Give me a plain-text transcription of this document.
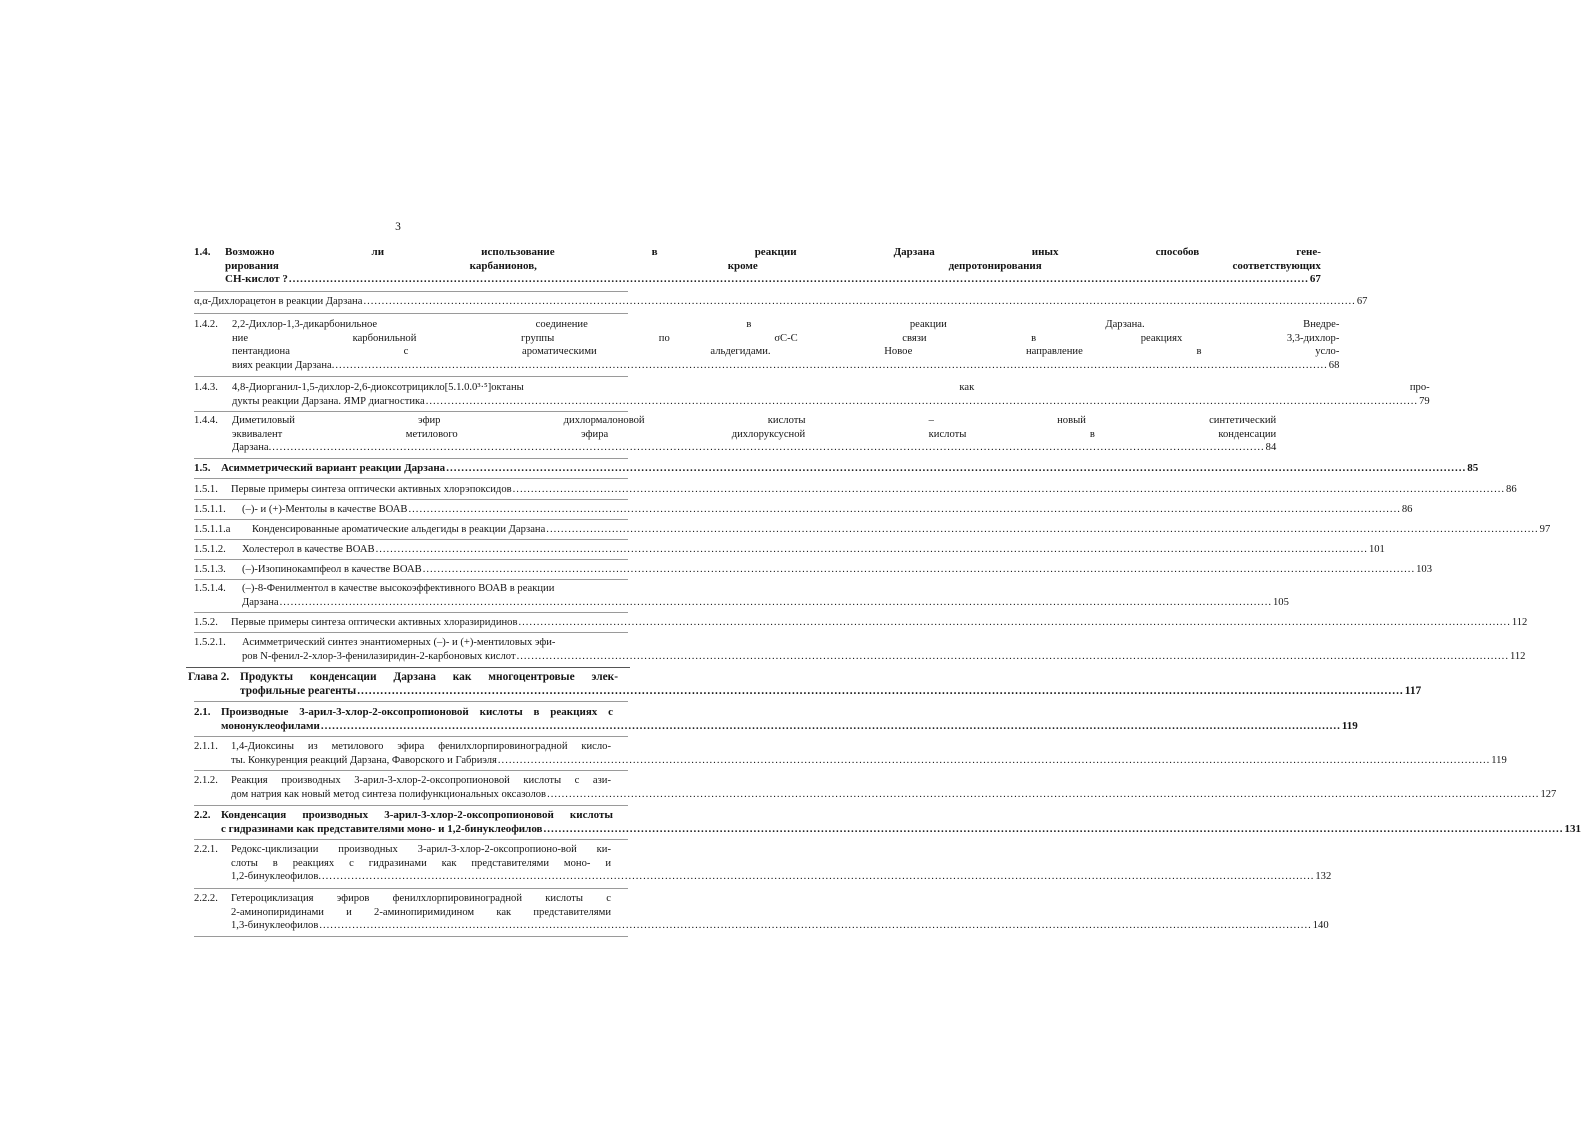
3
1.4.	Возможно ли использование в реакции Дарзана иных способов гене-
рирования карбанионов, кроме депротонирования соответствующих
СН-кислот ? .....	67
α,α-Дихлорацетон в реакции Дарзана .....	67
1.4.2.	2,2-Дихлор-1,3-дикарбонильное соединение в реакции Дарзана. Внедре-
ние карбонильной группы по σC-C связи в реакциях 3,3-дихлор-
пентандиона с ароматическими альдегидами. Новое направление в усло-
виях реакции Дарзана. .....	68
1.4.3.	4,8-Диорганил-1,5-дихлор-2,6-диоксотрицикло[5.1.0.0³·⁵]октаны как про-
дукты реакции Дарзана. ЯМР диагностика .....	79
1.4.4.	Диметиловый эфир дихлормалоновой кислоты – новый синтетический
эквивалент метилового эфира дихлоруксусной кислоты в конденсации
Дарзана. .....	84
1.5. Асимметрический вариант реакции Дарзана .....	85
1.5.1.	Первые примеры синтеза оптически активных хлорэпоксидов .....	86
1.5.1.1.	(–)- и (+)-Ментолы в качестве ВОАВ .....	86
1.5.1.1.а	Конденсированные ароматические альдегиды в реакции Дарзана .....	97
1.5.1.2.	Холестерол в качестве ВОАВ .....	101
1.5.1.3.	(–)-Изопинокампфеол в качестве ВОАВ .....	103
1.5.1.4.	(–)-8-Фенилментол в качестве высокоэффективного ВОАВ в реакции
Дарзана .....	105
1.5.2.	Первые примеры синтеза оптически активных хлоразиридинов .....	112
1.5.2.1.	Асимметрический синтез энантиомерных (–)- и (+)-ментиловых эфи-
ров N-фенил-2-хлор-3-фенилазиридин-2-карбоновых кислот .....	112
Глава 2. Продукты конденсации Дарзана как многоцентровые элек-
трофильные реагенты .....	117
2.1. Производные 3-арил-3-хлор-2-оксопропионовой кислоты в реакциях с
мононуклеофилами .....	119
2.1.1.	1,4-Диоксины из метилового эфира фенилхлорпировиноградной кисло-
ты. Конкуренция реакций Дарзана, Фаворского и Габриэля .....	119
2.1.2.	Реакция производных 3-арил-3-хлор-2-оксопропионовой кислоты с ази-
дом натрия как новый метод синтеза полифункциональных оксазолов .....	127
2.2. Конденсация производных 3-арил-3-хлор-2-оксопропионовой кислоты
с гидразинами как представителями моно- и 1,2-бинуклеофилов .....	131
2.2.1.	Редокс-циклизации производных 3-арил-3-хлор-2-оксопропионо-вой ки-
слоты в реакциях с гидразинами как представителями моно- и
1,2-бинуклеофилов. .....	132
2.2.2.	Гетероциклизация эфиров фенилхлорпировиноградной кислоты с
2-аминопиридинами и 2-аминопиримидином как представителями
1,3-бинуклеофилов .....	140
